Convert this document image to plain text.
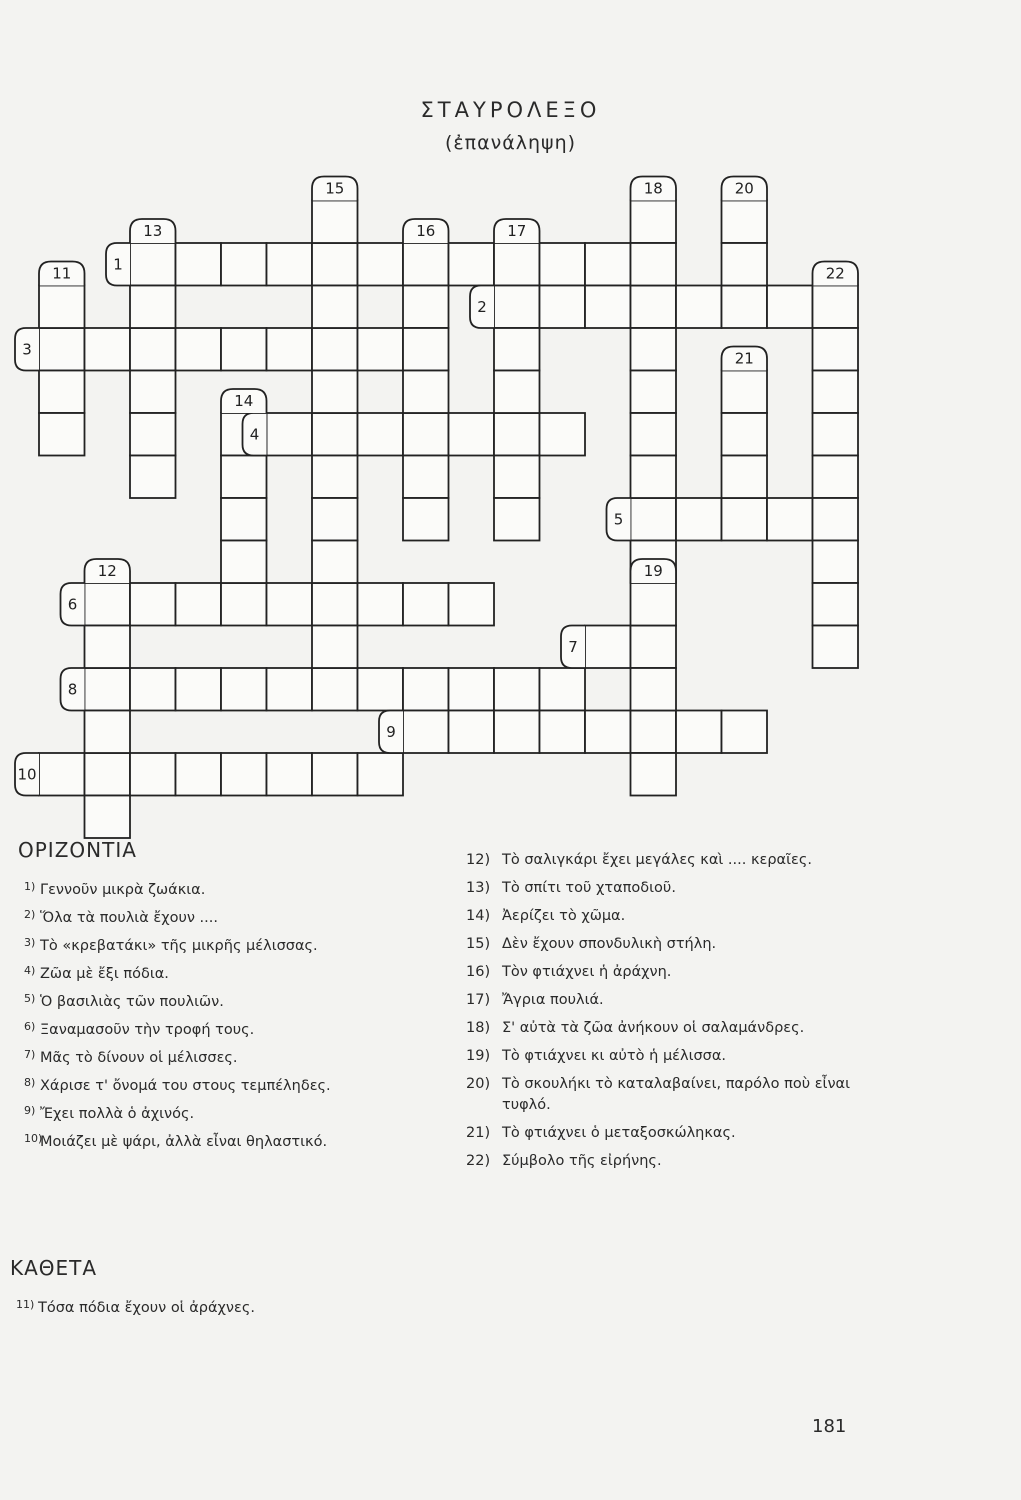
ΣΤΑΥΡΟΛΕΞΟ
(ἐπανάληψη)
1
2
3
4
5
6
7
8
9
10
11
12
13
14
15
16	17
18
19
20
21
22
ΟΡΙΖΟΝΤΙΑ
1) Γεννοῦν μικρὰ ζωάκια.
2) Ὅλα τὰ πουλιὰ ἔχουν ....
3) Τὸ «κρεβατάκι» τῆς μικρῆς μέλισσας.
4) Ζῶα μὲ ἔξι πόδια.
5) Ὁ βασιλιὰς τῶν πουλιῶν.
6) Ξαναμασοῦν τὴν τροφή τους.
7) Μᾶς τὸ δίνουν οἱ μέλισσες.
8) Χάρισε τ' ὄνομά του στους τεμπέληδες.
9) Ἔχει πολλὰ ὁ ἀχινός.
10)
Μοιάζει μὲ ψάρι, ἀλλὰ εἶναι θηλαστικό.
ΚΑΘΕΤΑ
11) Τόσα πόδια ἔχουν οἱ ἀράχνες.
12) Τὸ σαλιγκάρι ἔχει μεγάλες καὶ .... κεραῖες.
13) Τὸ σπίτι τοῦ χταποδιοῦ.
14) Ἀερίζει τὸ χῶμα.
15) Δὲν ἔχουν σπονδυλικὴ στήλη.
16) Τὸν φτιάχνει ἡ ἀράχνη.
17) Ἄγρια πουλιά.
18) Σ' αὐτὰ τὰ ζῶα ἀνήκουν οἱ σαλαμάνδρες.
19) Τὸ φτιάχνει κι αὐτὸ ἡ μέλισσα.
20) Τὸ σκουλήκι τὸ καταλαβαίνει, παρόλο ποὺ εἶναι τυφλό.
21) Τὸ φτιάχνει ὁ μεταξοσκώληκας.
22) Σύμβολο τῆς εἰρήνης.
181
